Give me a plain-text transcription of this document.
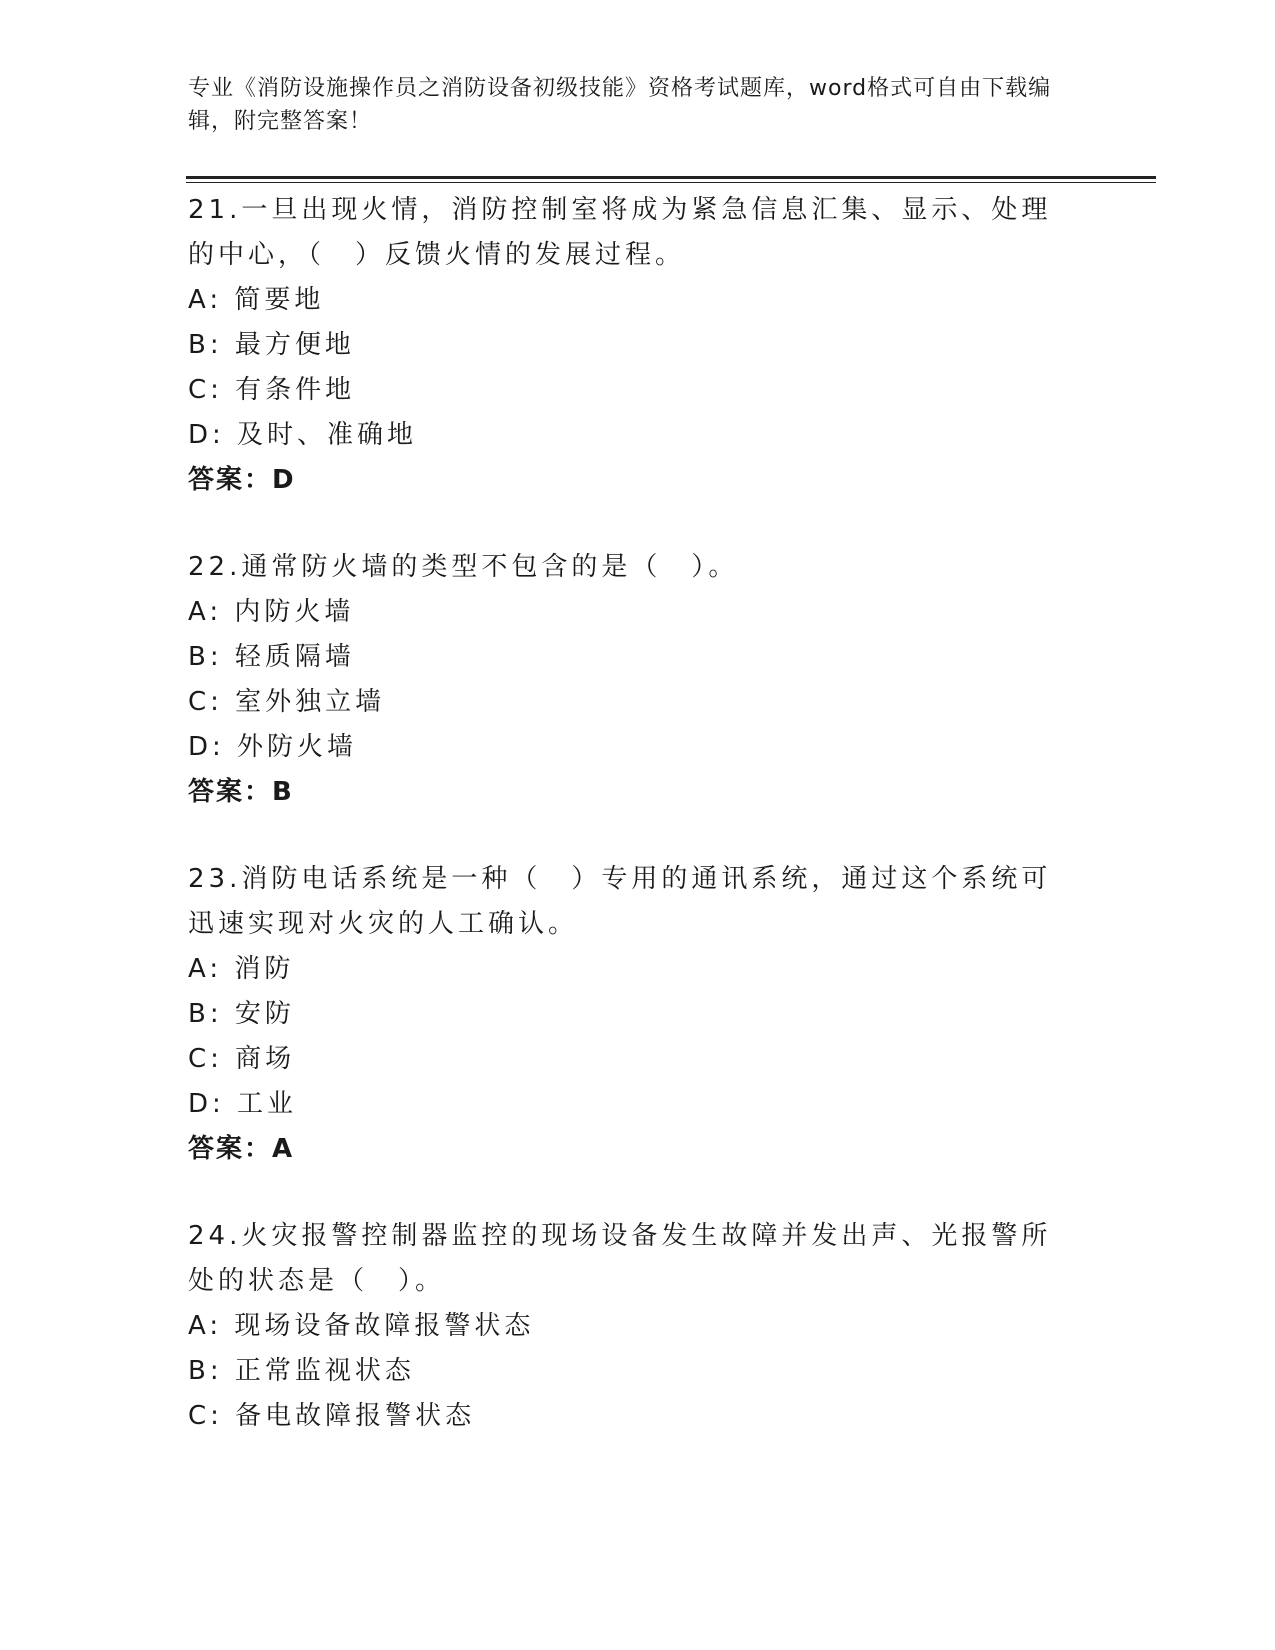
专业《消防设施操作员之消防设备初级技能》资格考试题库，word格式可自由下载编辑，附完整答案！
21.一旦出现火情，消防控制室将成为紧急信息汇集、显示、处理的中心，（　）反馈火情的发展过程。
A: 简要地
B: 最方便地
C: 有条件地
D: 及时、准确地
答案：D
22.通常防火墙的类型不包含的是（　）。
A: 内防火墙
B: 轻质隔墙
C: 室外独立墙
D: 外防火墙
答案：B
23.消防电话系统是一种（　）专用的通讯系统，通过这个系统可迅速实现对火灾的人工确认。
A: 消防
B: 安防
C: 商场
D: 工业
答案：A
24.火灾报警控制器监控的现场设备发生故障并发出声、光报警所处的状态是（　）。
A: 现场设备故障报警状态
B: 正常监视状态
C: 备电故障报警状态
